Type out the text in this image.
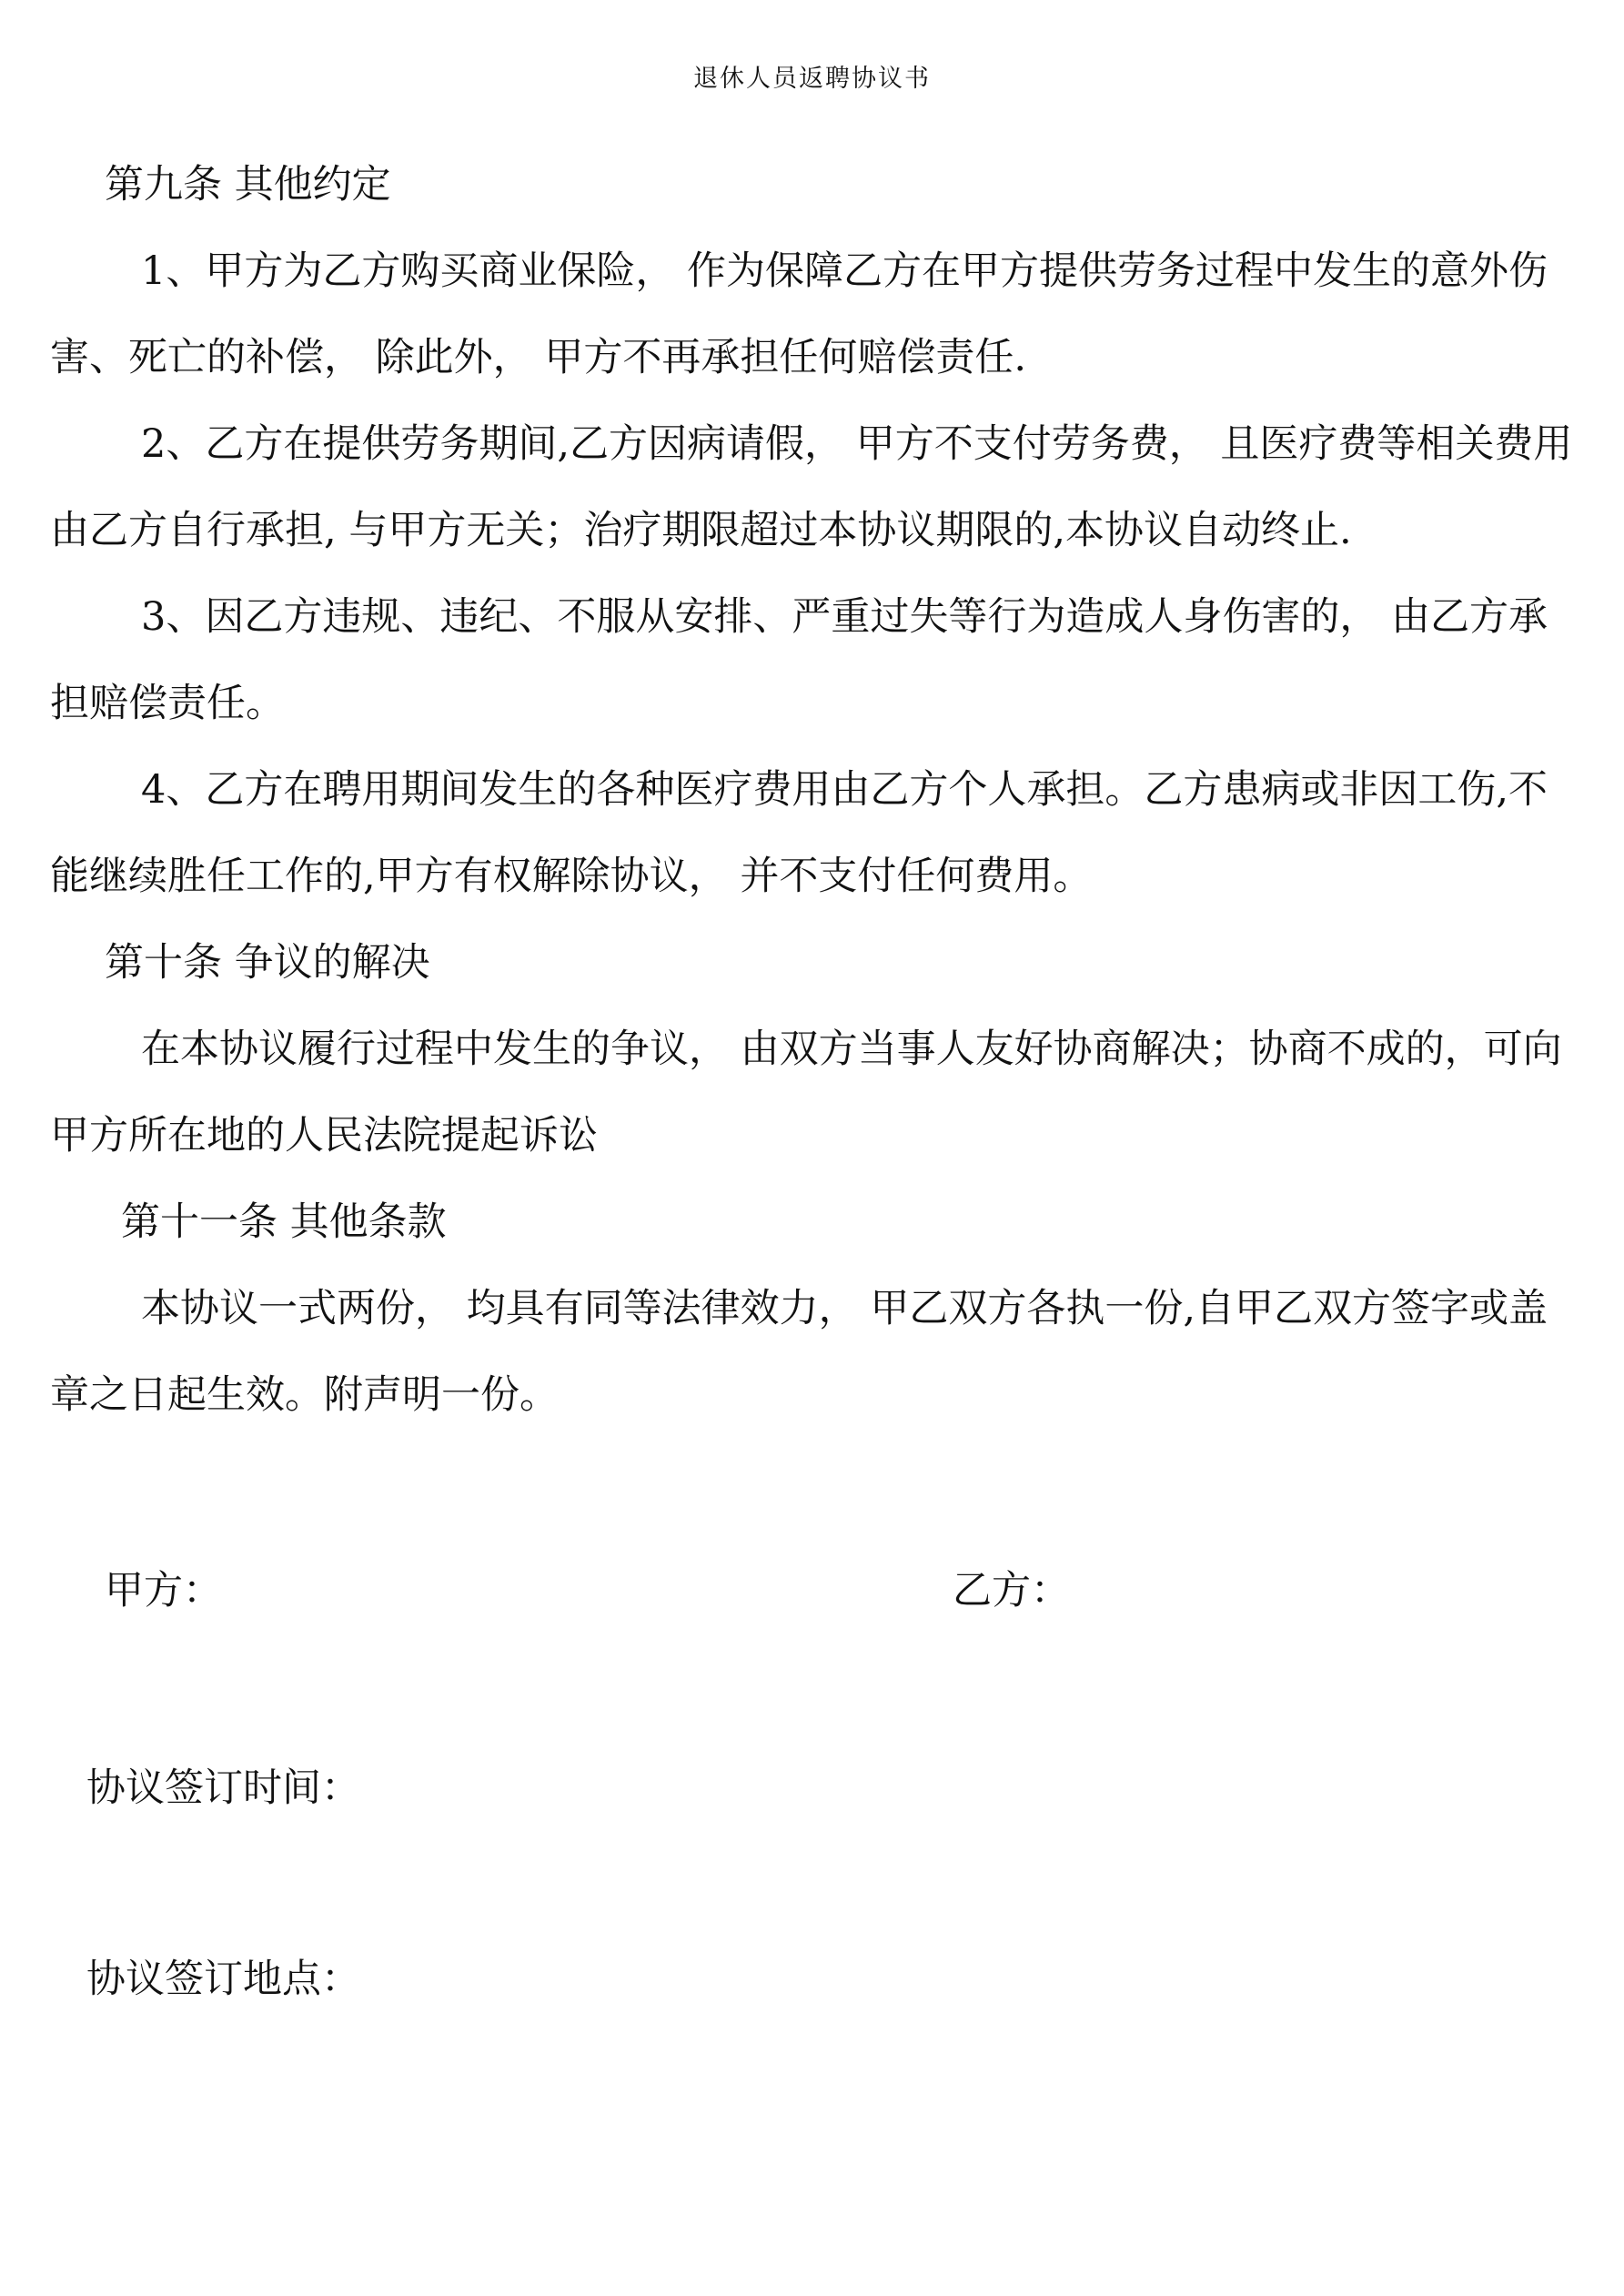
退休人员返聘协议书

第九条 其他约定

1、甲方为乙方购买商业保险， 作为保障乙方在甲方提供劳务过程中发生的意外伤害、死亡的补偿， 除此外， 甲方不再承担任何赔偿责任.

2、乙方在提供劳务期间,乙方因病请假， 甲方不支付劳务费， 且医疗费等相关费用由乙方自行承担, 与甲方无关；治疗期限超过本协议期限的,本协议自动终止.

3、因乙方违规、违纪、不服从安排、严重过失等行为造成人身伤害的， 由乙方承担赔偿责任。

4、乙方在聘用期间发生的各种医疗费用由乙方个人承担。乙方患病或非因工伤,不能继续胜任工作的,甲方有权解除协议， 并不支付任何费用。

第十条 争议的解决

在本协议履行过程中发生的争议， 由双方当事人友好协商解决；协商不成的，可向甲方所在地的人民法院提起诉讼

第十一条 其他条款

本协议一式两份， 均具有同等法律效力， 甲乙双方各执一份,自甲乙双方签字或盖章之日起生效。附声明一份。

甲方：	乙方：
协议签订时间：
协议签订地点：
